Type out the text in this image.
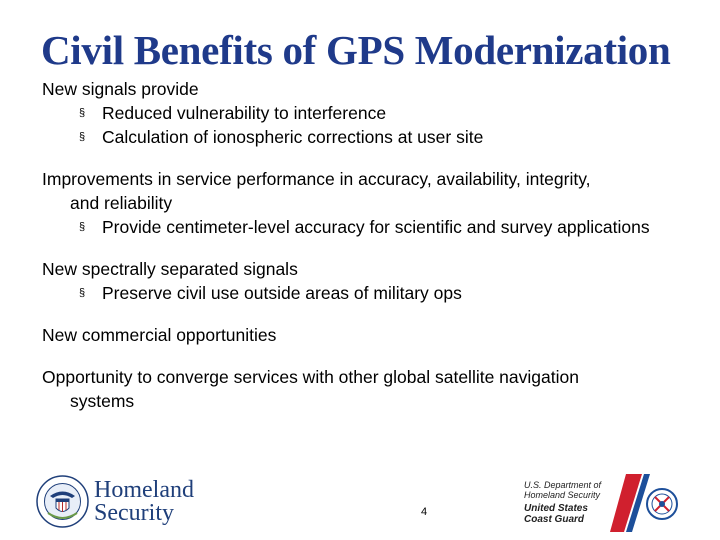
Civil Benefits of GPS Modernization
New signals provide
§ Reduced vulnerability to interference
§ Calculation of ionospheric corrections at user site
Improvements in service performance in accuracy, availability, integrity,
and reliability
§ Provide centimeter-level accuracy for scientific and survey applications
New spectrally separated signals
§ Preserve civil use outside areas of military ops
New commercial opportunities
Opportunity to converge services with other global satellite navigation
systems
Homeland
Security	4
U.S. Department of
Homeland Security
United States
Coast Guard
